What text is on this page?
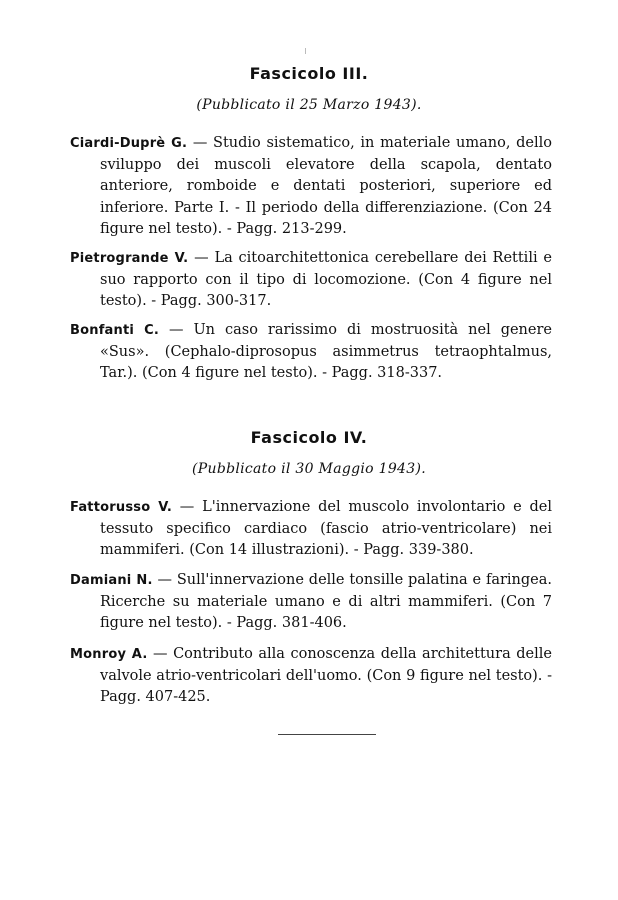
Fascicolo III.
(Pubblicato il 25 Marzo 1943).
Ciardi-Duprè G. — Studio sistematico, in materiale umano, dello sviluppo dei muscoli elevatore della scapola, dentato anteriore, romboide e dentati posteriori, superiore ed inferiore. Parte I. - Il periodo della differenziazione. (Con 24 figure nel testo). - Pagg. 213-299.
Pietrogrande V. — La citoarchitettonica cerebellare dei Rettili e suo rapporto con il tipo di locomozione. (Con 4 figure nel testo). - Pagg. 300-317.
Bonfanti C. — Un caso rarissimo di mostruosità nel genere «Sus». (Cephalo-diprosopus asimmetrus tetraophtalmus, Tar.). (Con 4 figure nel testo). - Pagg. 318-337.
Fascicolo IV.
(Pubblicato il 30 Maggio 1943).
Fattorusso V. — L'innervazione del muscolo involontario e del tessuto specifico cardiaco (fascio atrio-ventricolare) nei mammiferi. (Con 14 illustrazioni). - Pagg. 339-380.
Damiani N. — Sull'innervazione delle tonsille palatina e faringea. Ricerche su materiale umano e di altri mammiferi. (Con 7 figure nel testo). - Pagg. 381-406.
Monroy A. — Contributo alla conoscenza della architettura delle valvole atrio-ventricolari dell'uomo. (Con 9 figure nel testo). - Pagg. 407-425.
